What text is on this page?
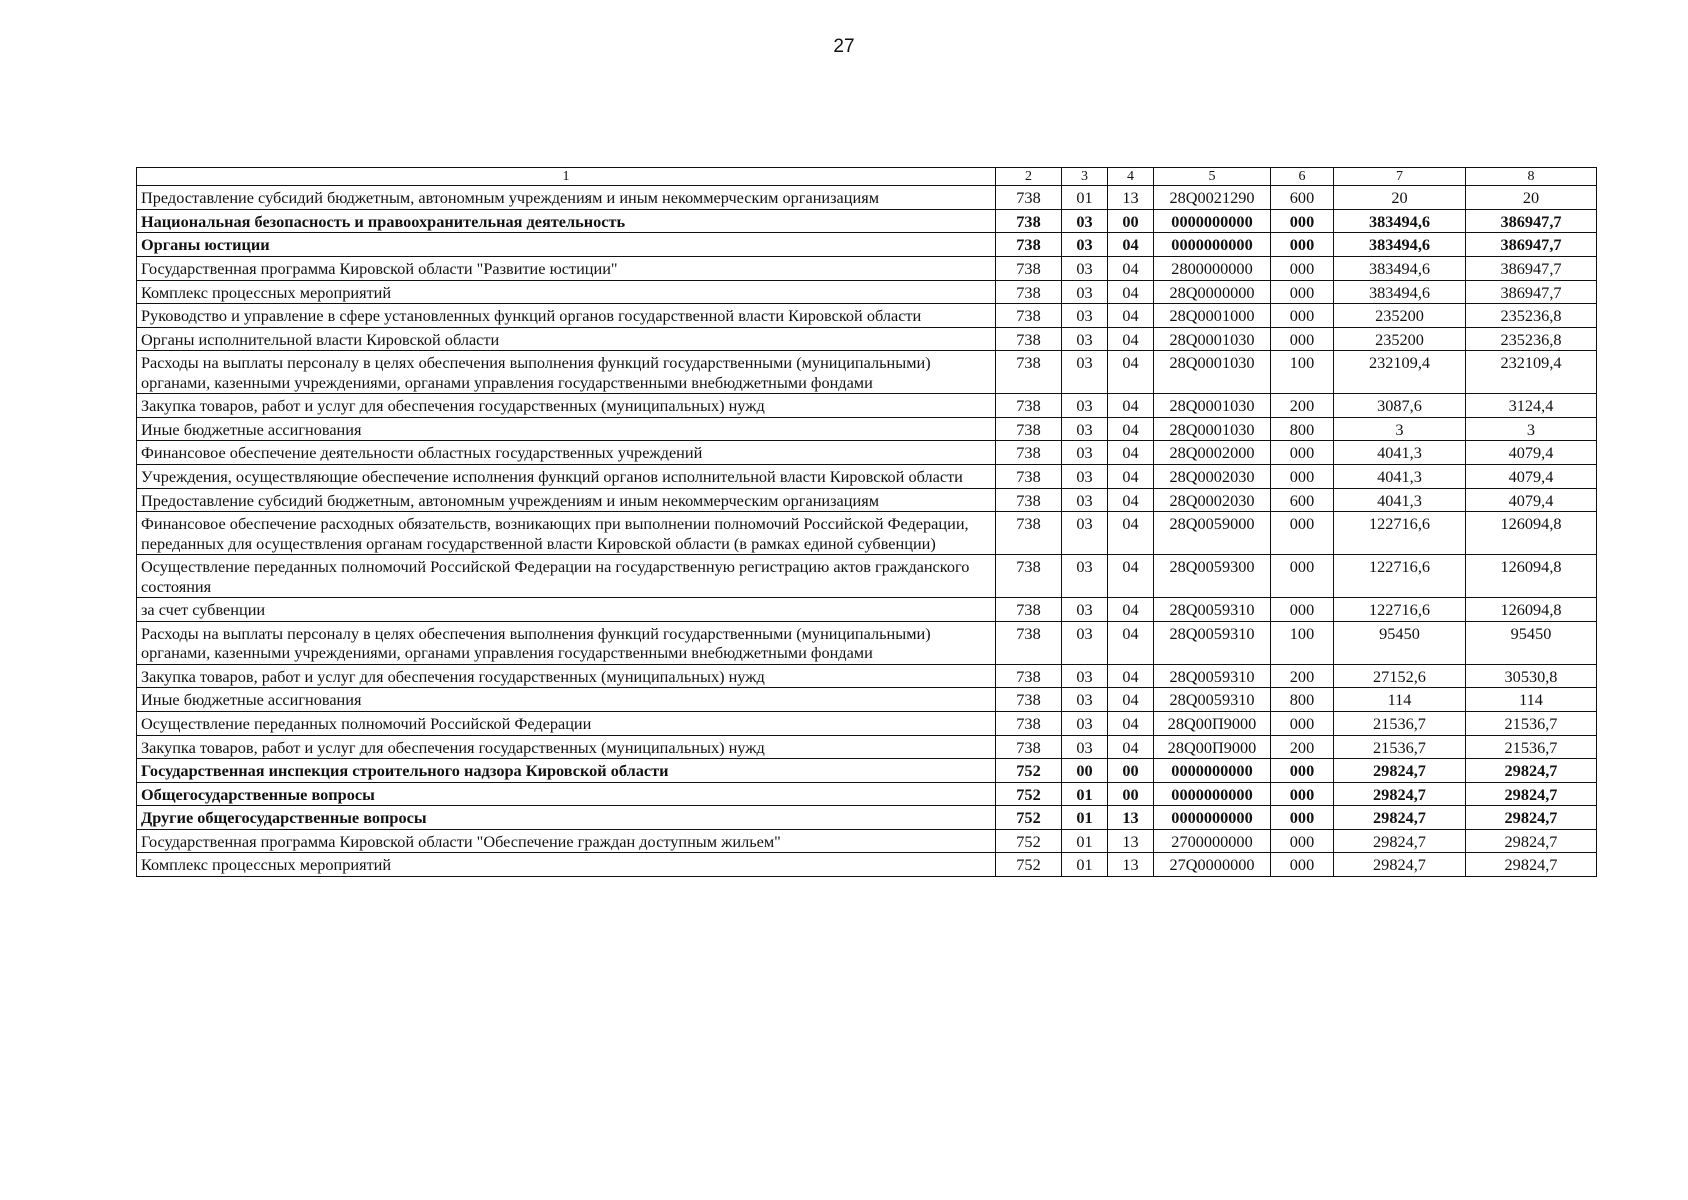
27
1	2	3	4	5	6	7	8
Предоставление субсидий бюджетным, автономным учреждениям и иным некоммерческим организациям	738	01	13	28Q0021290	600	20	20
Национальная безопасность и правоохранительная деятельность	738	03	00	0000000000	000	383494,6	386947,7
Органы юстиции	738	03	04	0000000000	000	383494,6	386947,7
Государственная программа Кировской области "Развитие юстиции"	738	03	04	2800000000	000	383494,6	386947,7
Комплекс процессных мероприятий	738	03	04	28Q0000000	000	383494,6	386947,7
Руководство и управление в сфере установленных функций органов государственной власти Кировской области	738	03	04	28Q0001000	000	235200	235236,8
Органы исполнительной власти Кировской области	738	03	04	28Q0001030	000	235200	235236,8
Расходы на выплаты персоналу в целях обеспечения выполнения функций государственными (муниципальными) органами, казенными учреждениями, органами управления государственными внебюджетными фондами	738	03	04	28Q0001030	100	232109,4	232109,4
Закупка товаров, работ и услуг для обеспечения государственных (муниципальных) нужд	738	03	04	28Q0001030	200	3087,6	3124,4
Иные бюджетные ассигнования	738	03	04	28Q0001030	800	3	3
Финансовое обеспечение деятельности областных государственных учреждений	738	03	04	28Q0002000	000	4041,3	4079,4
Учреждения, осуществляющие обеспечение исполнения функций органов исполнительной власти Кировской области	738	03	04	28Q0002030	000	4041,3	4079,4
Предоставление субсидий бюджетным, автономным учреждениям и иным некоммерческим организациям	738	03	04	28Q0002030	600	4041,3	4079,4
Финансовое обеспечение расходных обязательств, возникающих при выполнении полномочий Российской Федерации, переданных для осуществления органам государственной власти Кировской области (в рамках единой субвенции)	738	03	04	28Q0059000	000	122716,6	126094,8
Осуществление переданных полномочий Российской Федерации на государственную регистрацию актов гражданского состояния	738	03	04	28Q0059300	000	122716,6	126094,8
за счет субвенции	738	03	04	28Q0059310	000	122716,6	126094,8
Расходы на выплаты персоналу в целях обеспечения выполнения функций государственными (муниципальными) органами, казенными учреждениями, органами управления государственными внебюджетными фондами	738	03	04	28Q0059310	100	95450	95450
Закупка товаров, работ и услуг для обеспечения государственных (муниципальных) нужд	738	03	04	28Q0059310	200	27152,6	30530,8
Иные бюджетные ассигнования	738	03	04	28Q0059310	800	114	114
Осуществление переданных полномочий Российской Федерации	738	03	04	28Q00П9000	000	21536,7	21536,7
Закупка товаров, работ и услуг для обеспечения государственных (муниципальных) нужд	738	03	04	28Q00П9000	200	21536,7	21536,7
Государственная инспекция строительного надзора Кировской области	752	00	00	0000000000	000	29824,7	29824,7
Общегосударственные вопросы	752	01	00	0000000000	000	29824,7	29824,7
Другие общегосударственные вопросы	752	01	13	0000000000	000	29824,7	29824,7
Государственная программа Кировской области "Обеспечение граждан доступным жильем"	752	01	13	2700000000	000	29824,7	29824,7
Комплекс процессных мероприятий	752	01	13	27Q0000000	000	29824,7	29824,7
